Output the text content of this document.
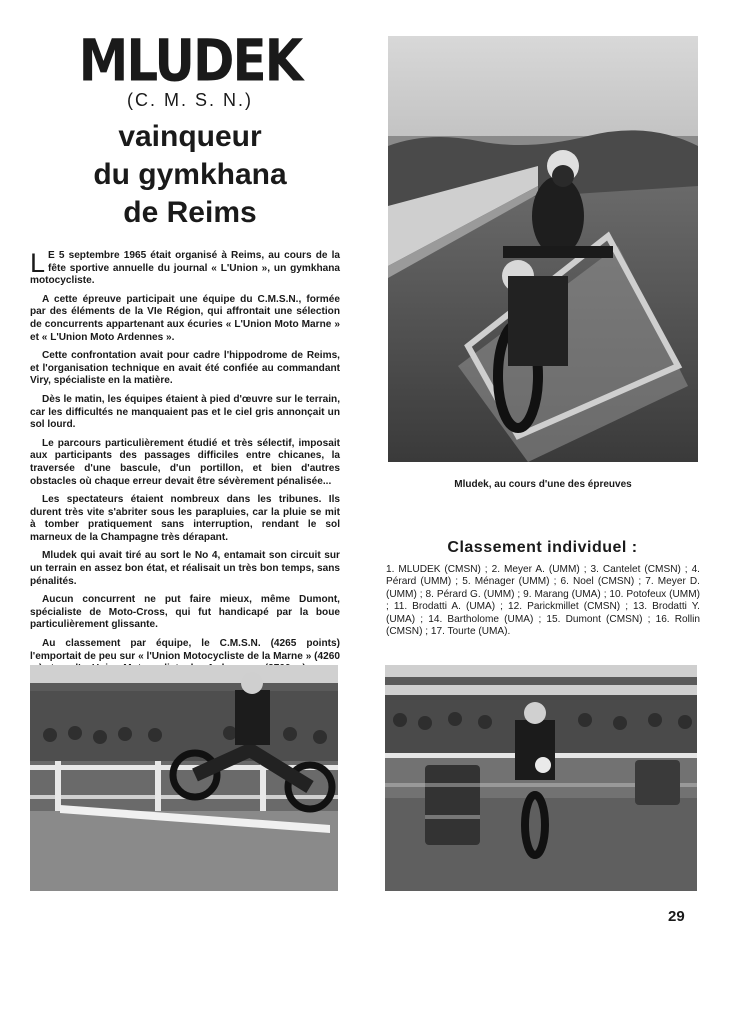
MLUDEK
(C. M. S. N.)
vainqueur
du gymkhana
de Reims

L E 5 septembre 1965 était organisé à Reims, au cours de la fête sportive annuelle du journal « L'Union », un gymkhana motocycliste.

A cette épreuve participait une équipe du C.M.S.N., formée par des éléments de la VIe Région, qui affrontait une sélection de concurrents appartenant aux écuries « L'Union Moto Marne » et « L'Union Moto Ardennes ».

Cette confrontation avait pour cadre l'hippodrome de Reims, et l'organisation technique en avait été confiée au commandant Viry, spécialiste en la matière.

Dès le matin, les équipes étaient à pied d'œuvre sur le terrain, car les difficultés ne manquaient pas et le ciel gris annonçait un sol lourd.

Le parcours particulièrement étudié et très sélectif, imposait aux participants des passages difficiles entre chicanes, la traversée d'une bascule, d'un portillon, et bien d'autres obstacles où chaque erreur devait être sévèrement pénalisée...

Les spectateurs étaient nombreux dans les tribunes. Ils durent très vite s'abriter sous les parapluies, car la pluie se mit à tomber pratiquement sans interruption, rendant le sol marneux de la Champagne très dérapant.

Mludek qui avait tiré au sort le No 4, entamait son circuit sur un terrain en assez bon état, et réalisait un très bon temps, sans pénalités.

Aucun concurrent ne put faire mieux, même Dumont, spécialiste de Moto-Cross, qui fut handicapé par la boue particulièrement glissante.

Au classement par équipe, le C.M.S.N. (4265 points) l'emportait de peu sur « l'Union Motocycliste de la Marne » (4260

Mludek, au cours d'une des épreuves
Classement individuel :
1. MLUDEK (CMSN) ; 2. Meyer A. (UMM) ; 3. Cantelet (CMSN) ; 4. Pérard (UMM) ; 5. Ménager (UMM) ; 6. Noel (CMSN) ; 7. Meyer D. (UMM) ; 8. Pérard G. (UMM) ; 9. Marang (UMA) ; 10. Potofeux (UMM) ; 11. Brodatti A. (UMA) ; 12. Parickmillet (CMSN) ; 13. Brodatti Y. (UMA) ; 14. Bartholome (UMA) ; 15. Dumont (CMSN) ; 16. Rollin (CMSN) ; 17. Tourte (UMA).
29
